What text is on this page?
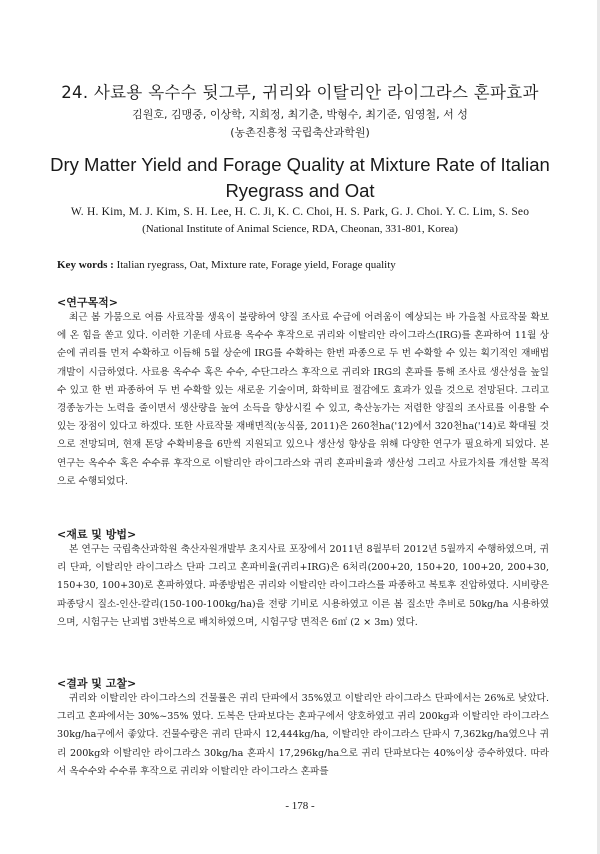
24. 사료용 옥수수 뒷그루, 귀리와 이탈리안 라이그라스 혼파효과
김원호, 김맹중, 이상학, 지희정, 최기춘, 박형수, 최기준, 임영철, 서 성
(농촌진흥청 국립축산과학원)
Dry Matter Yield and Forage Quality at Mixture Rate of Italian Ryegrass and Oat
W. H. Kim, M. J. Kim, S. H. Lee, H. C. Ji, K. C. Choi, H. S. Park, G. J. Choi. Y. C. Lim, S. Seo
(National Institute of Animal Science, RDA, Cheonan, 331-801, Korea)
Key words : Italian ryegrass, Oat, Mixture rate, Forage yield, Forage quality
<연구목적>
최근 봄 가뭄으로 여름 사료작물 생육이 불량하여 양질 조사료 수급에 어려움이 예상되는 바 가을철 사료작물 확보에 온 힘을 쏟고 있다. 이러한 기운데 사료용 옥수수 후작으로 귀리와 이탈리안 라이그라스(IRG)를 혼파하여 11월 상순에 귀리를 먼저 수확하고 이듬해 5월 상순에 IRG를 수확하는 한번 파종으로 두 번 수확할 수 있는 획기적인 재배법 개발이 시급하였다. 사료용 옥수수 혹은 수수, 수단그라스 후작으로 귀리와 IRG의 혼파를 통해 조사료 생산성을 높일 수 있고 한 번 파종하여 두 번 수확할 있는 새로운 기술이며, 화학비료 절감에도 효과가 있을 것으로 전망된다. 그리고 경종농가는 노력을 줄이면서 생산량을 높여 소득을 향상시킬 수 있고, 축산농가는 저렴한 양질의 조사료를 이용할 수 있는 장점이 있다고 하겠다. 또한 사료작물 재배면적(농식품, 2011)은 260천ha('12)에서 320천ha('14)로 확대될 것으로 전망되며, 현재 톤당 수확비용을 6만씩 지원되고 있으나 생산성 향상을 위해 다양한 연구가 필요하게 되었다. 본 연구는 옥수수 혹은 수수류 후작으로 이탈리안 라이그라스와 귀리 혼파비율과 생산성 그리고 사료가치를 개선할 목적으로 수행되었다.
<재료 및 방법>
본 연구는 국립축산과학원 축산자원개발부 초지사료 포장에서 2011년 8월부터 2012년 5월까지 수행하였으며, 귀리 단파, 이탈리안 라이그라스 단파 그리고 혼파비율(귀리+IRG)은 6처리(200+20, 150+20, 100+20, 200+30, 150+30, 100+30)로 혼파하였다. 파종방법은 귀리와 이탈리안 라이그라스를 파종하고 복토후 진압하였다. 시비량은 파종당시 질소-인산-칼리(150-100-100kg/ha)을 전량 기비로 시용하였고 이른 봄 질소만 추비로 50kg/ha 시용하였으며, 시험구는 난괴법 3반복으로 배치하였으며, 시험구당 면적은 6㎡ (2 × 3m) 였다.
<결과 및 고찰>
귀리와 이탈리안 라이그라스의 건물률은 귀리 단파에서 35%였고 이탈리안 라이그라스 단파에서는 26%로 낮았다. 그리고 혼파에서는 30%~35% 였다. 도복은 단파보다는 혼파구에서 양호하였고 귀리 200kg과 이탈리안 라이그라스 30kg/ha구에서 좋았다. 건물수량은 귀리 단파시 12,444kg/ha, 이탈리안 라이그라스 단파시 7,362kg/ha였으나 귀리 200kg와 이탈리안 라이그라스 30kg/ha 혼파시 17,296kg/ha으로 귀리 단파보다는 40%이상 증수하였다. 따라서 옥수수와 수수류 후작으로 귀리와 이탈리안 라이그라스 혼파를
- 178 -
